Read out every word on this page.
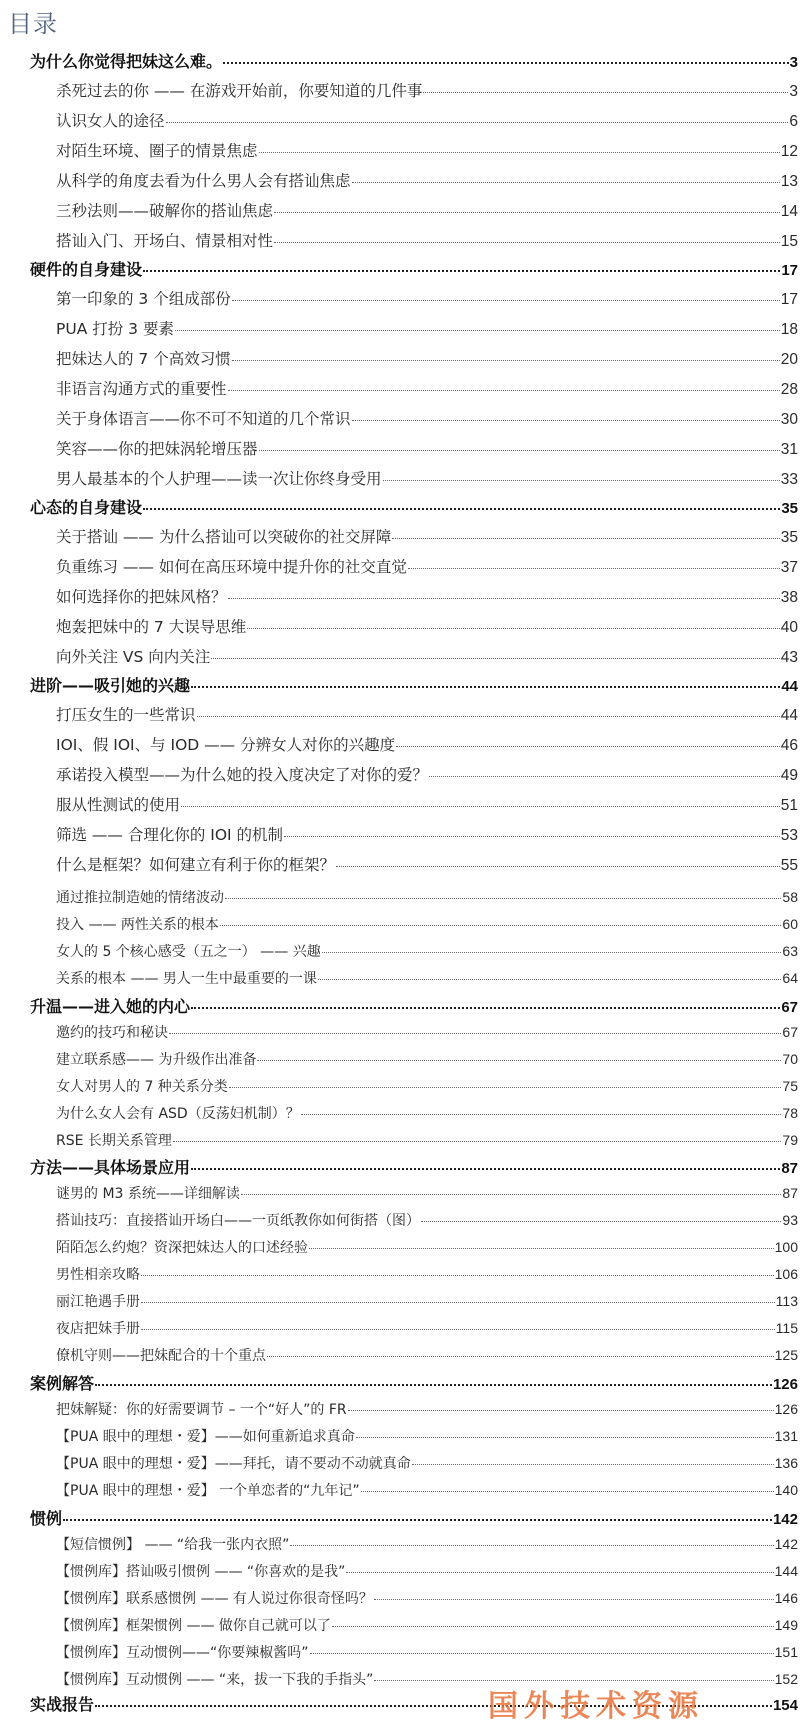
目录
为什么你觉得把妹这么难。	3
杀死过去的你 —— 在游戏开始前，你要知道的几件事	3
认识女人的途径	6
对陌生环境、圈子的情景焦虑	12
从科学的角度去看为什么男人会有搭讪焦虑	13
三秒法则——破解你的搭讪焦虑	14
搭讪入门、开场白、情景相对性	15
硬件的自身建设	17
第一印象的 3 个组成部份	17
PUA 打扮 3 要素	18
把妹达人的 7 个高效习惯	20
非语言沟通方式的重要性	28
关于身体语言——你不可不知道的几个常识	30
笑容——你的把妹涡轮增压器	31
男人最基本的个人护理——读一次让你终身受用	33
心态的自身建设	35
关于搭讪 —— 为什么搭讪可以突破你的社交屏障	35
负重练习 —— 如何在高压环境中提升你的社交直觉	37
如何选择你的把妹风格？	38
炮轰把妹中的 7 大误导思维	40
向外关注 VS 向内关注	43
进阶——吸引她的兴趣	44
打压女生的一些常识	44
IOI、假 IOI、与 IOD —— 分辨女人对你的兴趣度	46
承诺投入模型——为什么她的投入度决定了对你的爱？	49
服从性测试的使用	51
筛选 —— 合理化你的 IOI 的机制	53
什么是框架？如何建立有利于你的框架？	55
通过推拉制造她的情绪波动	58
投入 —— 两性关系的根本	60
女人的 5 个核心感受（五之一） —— 兴趣	63
关系的根本 —— 男人一生中最重要的一课	64
升温——进入她的内心	67
邀约的技巧和秘诀	67
建立联系感—— 为升级作出准备	70
女人对男人的 7 种关系分类	75
为什么女人会有 ASD（反荡妇机制）？	78
RSE 长期关系管理	79
方法——具体场景应用	87
谜男的 M3 系统——详细解读	87
搭讪技巧：直接搭讪开场白——一页纸教你如何街搭（图）	93
陌陌怎么约炮？资深把妹达人的口述经验	100
男性相亲攻略	106
丽江艳遇手册	113
夜店把妹手册	115
僚机守则——把妹配合的十个重点	125
案例解答	126
把妹解疑：你的好需要调节 – 一个“好人”的 FR	126
【PUA 眼中的理想・爱】——如何重新追求真命	131
【PUA 眼中的理想・爱】——拜托，请不要动不动就真命	136
【PUA 眼中的理想・爱】 一个单恋者的“九年记”	140
惯例	142
【短信惯例】 —— “给我一张内衣照”	142
【惯例库】搭讪吸引惯例 —— “你喜欢的是我”	144
【惯例库】联系感惯例 —— 有人说过你很奇怪吗？	146
【惯例库】框架惯例 —— 做你自己就可以了	149
【惯例库】互动惯例——“你要辣椒酱吗”	151
【惯例库】互动惯例 —— “来，拔一下我的手指头”	152
实战报告	154
国外技术资源
